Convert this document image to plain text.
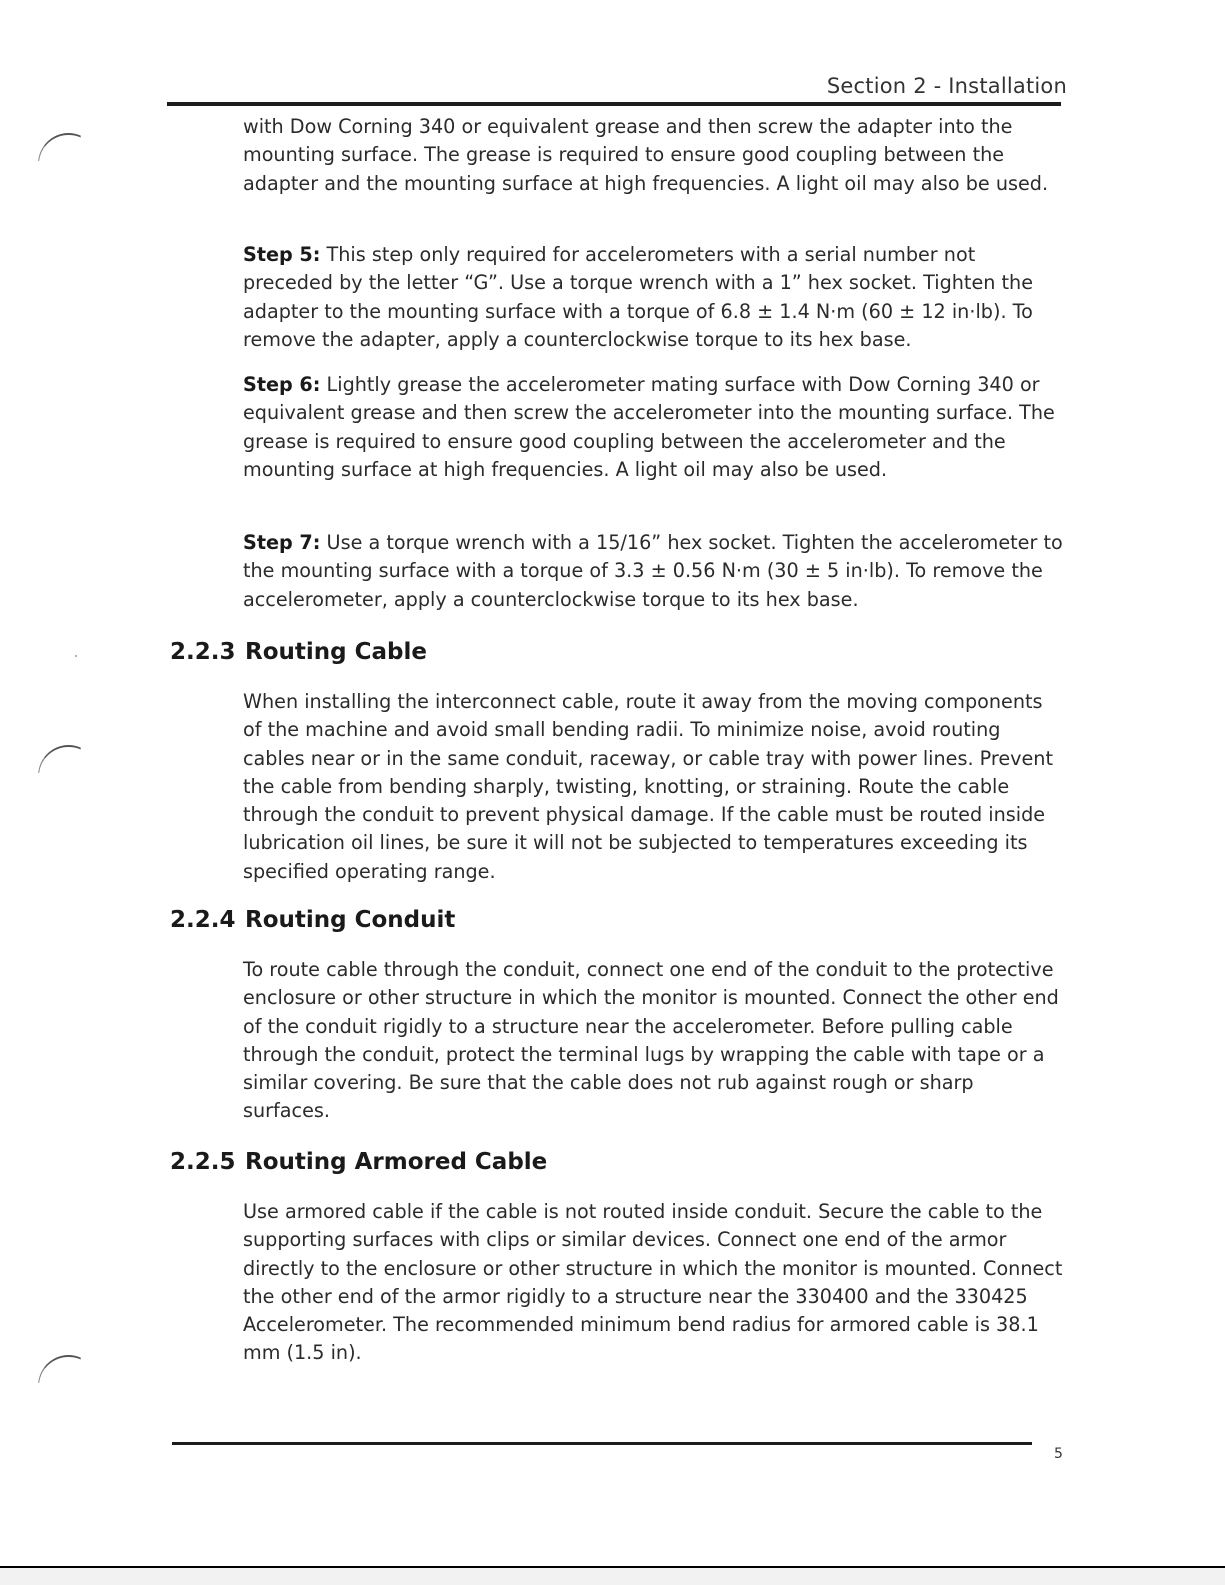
Section 2 - Installation

with Dow Corning 340 or equivalent grease and then screw the adapter into the mounting surface. The grease is required to ensure good coupling between the adapter and the mounting surface at high frequencies. A light oil may also be used.

Step 5: This step only required for accelerometers with a serial number not preceded by the letter “G”. Use a torque wrench with a 1” hex socket. Tighten the adapter to the mounting surface with a torque of 6.8 ± 1.4 N·m (60 ± 12 in·lb). To remove the adapter, apply a counterclockwise torque to its hex base.

Step 6: Lightly grease the accelerometer mating surface with Dow Corning 340 or equivalent grease and then screw the accelerometer into the mounting surface. The grease is required to ensure good coupling between the accelerometer and the mounting surface at high frequencies. A light oil may also be used.

Step 7: Use a torque wrench with a 15/16” hex socket. Tighten the accelerometer to the mounting surface with a torque of 3.3 ± 0.56 N·m (30 ± 5 in·lb). To remove the accelerometer, apply a counterclockwise torque to its hex base.

2.2.3 Routing Cable

When installing the interconnect cable, route it away from the moving components of the machine and avoid small bending radii. To minimize noise, avoid routing cables near or in the same conduit, raceway, or cable tray with power lines. Prevent the cable from bending sharply, twisting, knotting, or straining. Route the cable through the conduit to prevent physical damage. If the cable must be routed inside lubrication oil lines, be sure it will not be subjected to temperatures exceeding its specified operating range.

2.2.4 Routing Conduit

To route cable through the conduit, connect one end of the conduit to the protective enclosure or other structure in which the monitor is mounted. Connect the other end of the conduit rigidly to a structure near the accelerometer. Before pulling cable through the conduit, protect the terminal lugs by wrapping the cable with tape or a similar covering. Be sure that the cable does not rub against rough or sharp surfaces.

2.2.5 Routing Armored Cable

Use armored cable if the cable is not routed inside conduit. Secure the cable to the supporting surfaces with clips or similar devices. Connect one end of the armor directly to the enclosure or other structure in which the monitor is mounted. Connect the other end of the armor rigidly to a structure near the 330400 and the 330425 Accelerometer. The recommended minimum bend radius for armored cable is 38.1 mm (1.5 in).

5
